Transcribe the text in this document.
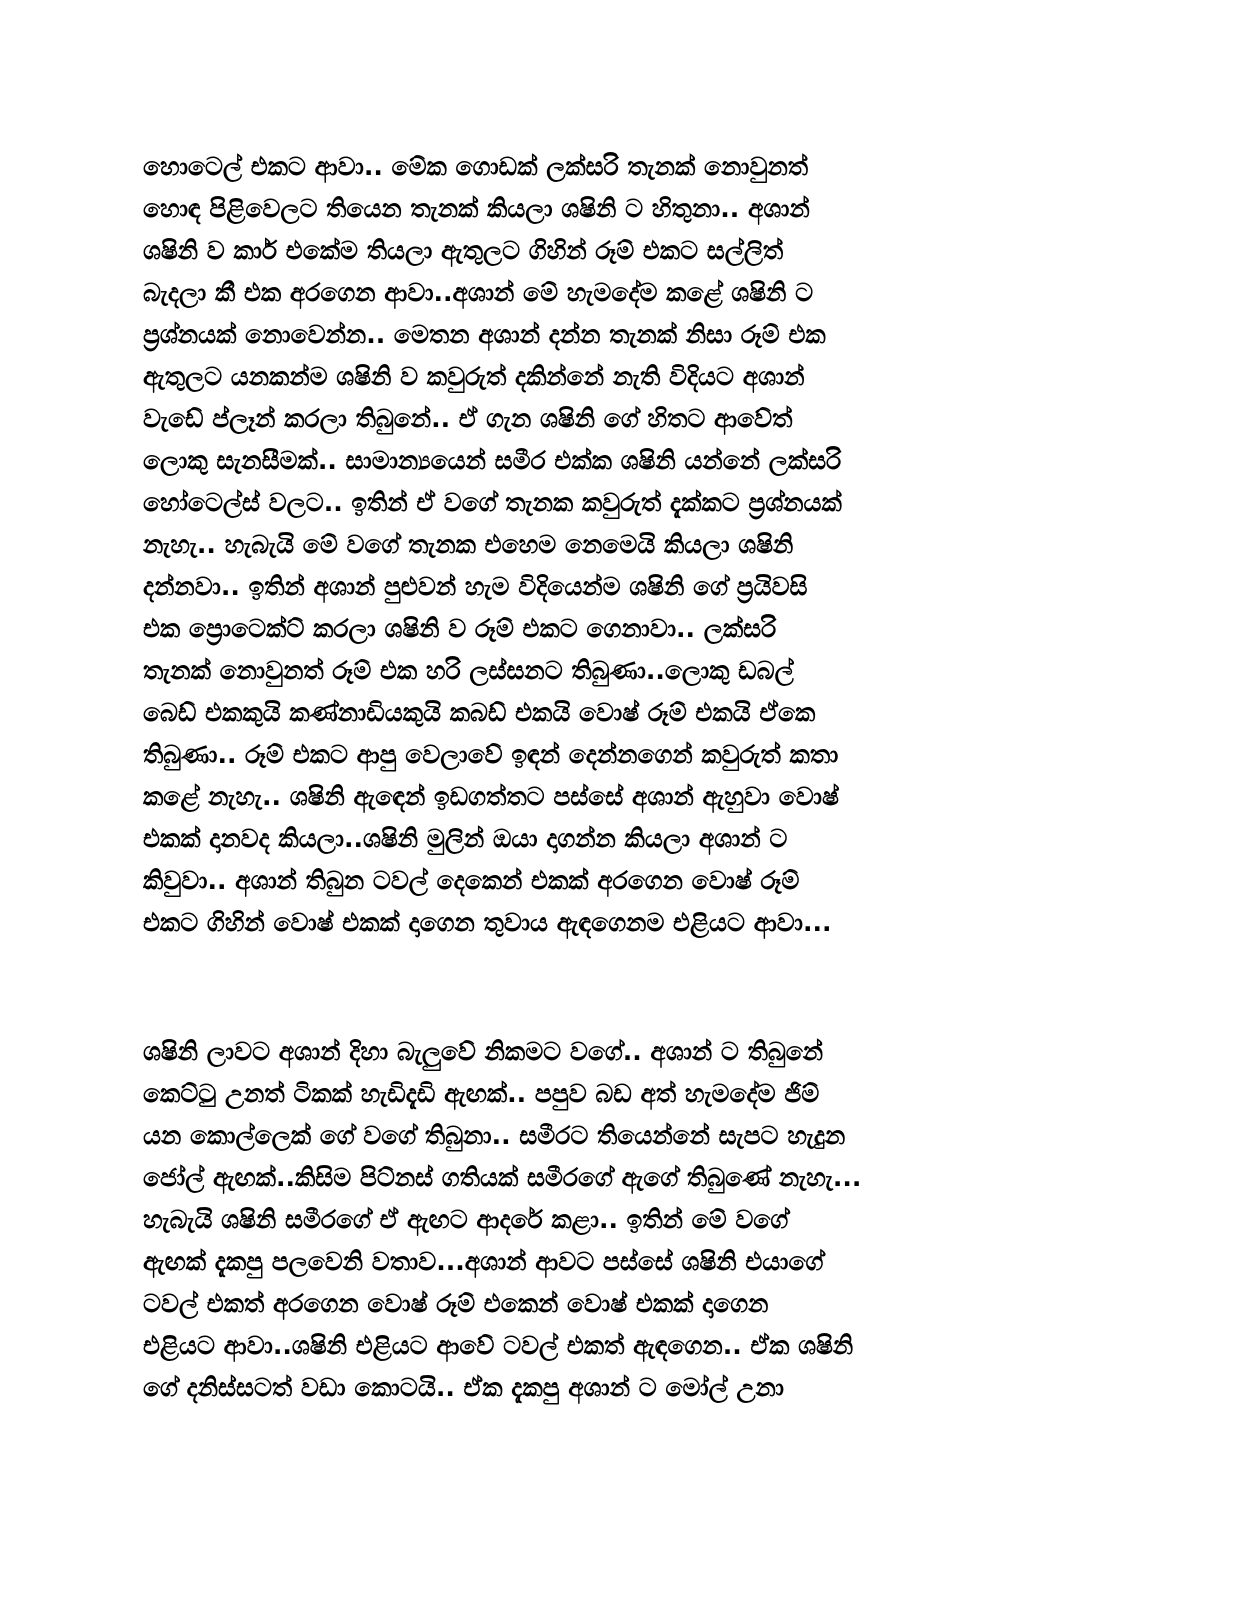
හොටෙල් එකට ආවා.. මේක ගොඩක් ලක්සරි තැනක් නොවුනත්
හොඳ පිළිවෙලට තියෙන තැනක් කියලා ශෂිනි ට හිතුනා.. අශාන්
ශෂිනි ව කාර් එකේම තියලා ඇතුලට ගිහින් රූම් එකට සල්ලිත්
බැදලා කී එක අරගෙන ආවා..අශාන් මේ හැමදේම කළේ ශෂිනි ට
ප්‍රශ්නයක් නොවෙන්න.. මෙතන අශාන් දන්න තැනක් නිසා රූම් එක
ඇතුලට යනකන්ම ශෂිනි ව කවුරුත් දකින්නේ නැති විදියට අශාන්
වැඩේ ප්ලෑන් කරලා තිබුනේ.. ඒ ගැන ශෂිනි ගේ හිතට ආවේත්
ලොකු සැනසීමක්.. සාමාන්‍යයෙන් සමීර එක්ක ශෂිනි යන්නේ ලක්සරි
හෝටෙල්ස් වලට.. ඉතින් ඒ වගේ තැනක කවුරුත් දැක්කට ප්‍රශ්නයක්
නැහැ.. හැබැයි මේ වගේ තැනක එහෙම නෙමෙයි කියලා ශෂිනි
දන්නවා.. ඉතින් අශාන් පුළුවන් හැම විදියෙන්ම ශෂිනි ගේ ප්‍රයිවසි
එක ප්‍රොටෙක්ට් කරලා ශෂිනි ව රූම් එකට ගෙනාවා.. ලක්සරි
තැනක් නොවුනත් රූම් එක හරි ලස්සනට තිබුණා..ලොකු ඩබල්
බෙඩ් එකකුයි කණ්නාඩියකුයි කබඩ් එකයි වොෂ් රූම් එකයි ඒකෙ
තිබුණා.. රූම් එකට ආපු වෙලාවේ ඉඳන් දෙන්නගෙන් කවුරුත් කතා
කළේ නැහැ.. ශෂිනි ඇඳෙන් ඉඩගත්තට පස්සේ අශාන් ඇහුවා වොෂ්
එකක් දානවද කියලා..ශෂිනි මුලින් ඔයා දාගන්න කියලා අශාන් ට
කිවුවා.. අශාන් තිබුන ටවල් දෙකෙන් එකක් අරගෙන වොෂ් රූම්
එකට ගිහින් වොෂ් එකක් දාගෙන තුවාය ඇඳගෙනම එළියට ආවා...
ශෂිනි ලාවට අශාන් දිහා බැලුවේ නිකමට වගේ.. අශාන් ට තිබුනේ
කෙට්ටු උනත් ටිකක් හැඩිදැඩි ඇඟක්.. පපුව බඩ අත් හැමදේම ජිම්
යන කොල්ලෙක් ගේ වගේ තිබුනා.. සමීරට තියෙන්නේ සැපට හැදුන
ජෝල් ඇඟක්..කිසිම පිට්නස් ගතියක් සමීරගේ ඇගේ තිබුණේ නැහැ...
හැබැයි ශෂිනි සමීරගේ ඒ ඇඟට ආදරේ කළා.. ඉතින් මේ වගේ
ඇඟක් දැකපු පලවෙනි වතාව...අශාන් ආවට පස්සේ ශෂිනි එයාගේ
ටවල් එකත් අරගෙන වොෂ් රූම් එකෙන් වොෂ් එකක් දාගෙන
එළියට ආවා..ශෂිනි එළියට ආවේ ටවල් එකත් ඇඳගෙන.. ඒක ශෂිනි
ගේ දනිස්සටත් වඩා කොටයි.. ඒක දැකපු අශාන් ට මෝල් උනා
